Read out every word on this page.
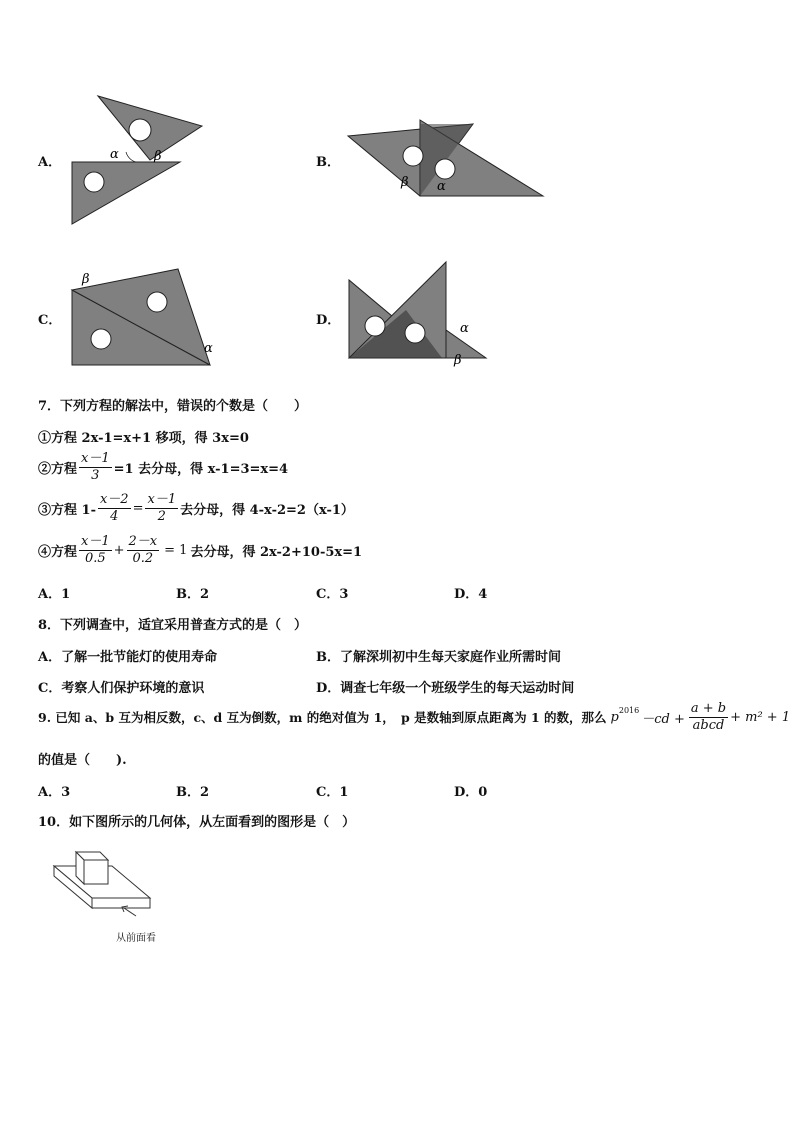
A．
α	β	B．
β α
C．
β
α
D．
α
β
7．下列方程的解法中，错误的个数是（　　）
①方程 2x-1=x+1 移项，得 3x=0
②方程 $\frac{x-1}{3} =1$ 去分母，得 x-1=3=x=4
③方程 $1- \frac{x-2}{4} = \frac{x-1}{2}$ 去分母，得 4-x-2=2（x-1）
④方程 $\frac{x-1}{0.5} + \frac{2-x}{0.2} = 1$ 去分母，得 2x-2+10-5x=1
A．1	B．2	C．3	D．4
8．下列调查中，适宜采用普查方式的是（　）
A．了解一批节能灯的使用寿命	B．了解深圳初中生每天家庭作业所需时间
C．考察人们保护环境的意识	D．调查七年级一个班级学生的每天运动时间
9. 已知 a、b 互为相反数，c、d 互为倒数，m 的绝对值为 1，　p 是数轴到原点距离为 1 的数，那么 $p^{2016}$
$-cd + \frac{a + b}{\text{abcd}} + m^2 + 1$
的值是（　　).
A．3	B．2	C．1	D．0
10．如下图所示的几何体，从左面看到的图形是（　）
从前面看
